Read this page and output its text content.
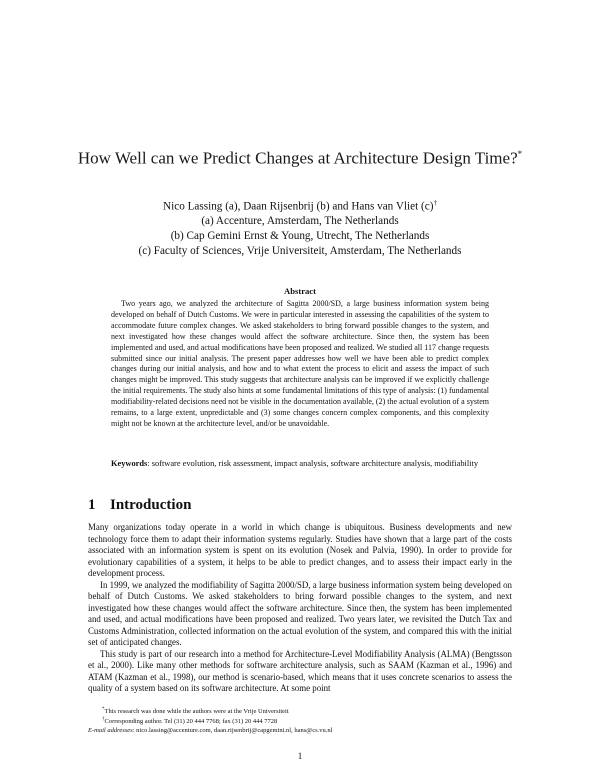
How Well can we Predict Changes at Architecture Design Time?*
Nico Lassing (a), Daan Rijsenbrij (b) and Hans van Vliet (c)†
(a) Accenture, Amsterdam, The Netherlands
(b) Cap Gemini Ernst & Young, Utrecht, The Netherlands
(c) Faculty of Sciences, Vrije Universiteit, Amsterdam, The Netherlands
Abstract

Two years ago, we analyzed the architecture of Sagitta 2000/SD, a large business information system being developed on behalf of Dutch Customs. We were in particular interested in assessing the capabilities of the system to accommodate future complex changes. We asked stakeholders to bring forward possible changes to the system, and next investigated how these changes would affect the software architecture. Since then, the system has been implemented and used, and actual modifications have been proposed and realized. We studied all 117 change requests submitted since our initial analysis. The present paper addresses how well we have been able to predict complex changes during our initial analysis, and how and to what extent the process to elicit and assess the impact of such changes might be improved. This study suggests that architecture analysis can be improved if we explicitly challenge the initial requirements. The study also hints at some fundamental limitations of this type of analysis: (1) fundamental modifiability-related decisions need not be visible in the documentation available, (2) the actual evolution of a system remains, to a large extent, unpredictable and (3) some changes concern complex components, and this complexity might not be known at the architecture level, and/or be unavoidable.

Keywords: software evolution, risk assessment, impact analysis, software architecture analysis, modifiability
1 Introduction

Many organizations today operate in a world in which change is ubiquitous. Business developments and new technology force them to adapt their information systems regularly. Studies have shown that a large part of the costs associated with an information system is spent on its evolution (Nosek and Palvia, 1990). In order to provide for evolutionary capabilities of a system, it helps to be able to predict changes, and to assess their impact early in the development process.

In 1999, we analyzed the modifiability of Sagitta 2000/SD, a large business information system being developed on behalf of Dutch Customs. We asked stakeholders to bring forward possible changes to the system, and next investigated how these changes would affect the software architecture. Since then, the system has been implemented and used, and actual modifications have been proposed and realized. Two years later, we revisited the Dutch Tax and Customs Administration, collected information on the actual evolution of the system, and compared this with the initial set of anticipated changes.

This study is part of our research into a method for Architecture-Level Modifiability Analysis (ALMA) (Bengtsson et al., 2000). Like many other methods for software architecture analysis, such as SAAM (Kazman et al., 1996) and ATAM (Kazman et al., 1998), our method is scenario-based, which means that it uses concrete scenarios to assess the quality of a system based on its software architecture. At some point

*This research was done while the authors were at the Vrije Universiteit
†Corresponding author. Tel (31) 20 444 7768; fax (31) 20 444 7728
E-mail addresses: nico.lassing@accenture.com, daan.rijsenbrij@capgemini.nl, hans@cs.vu.nl
1
